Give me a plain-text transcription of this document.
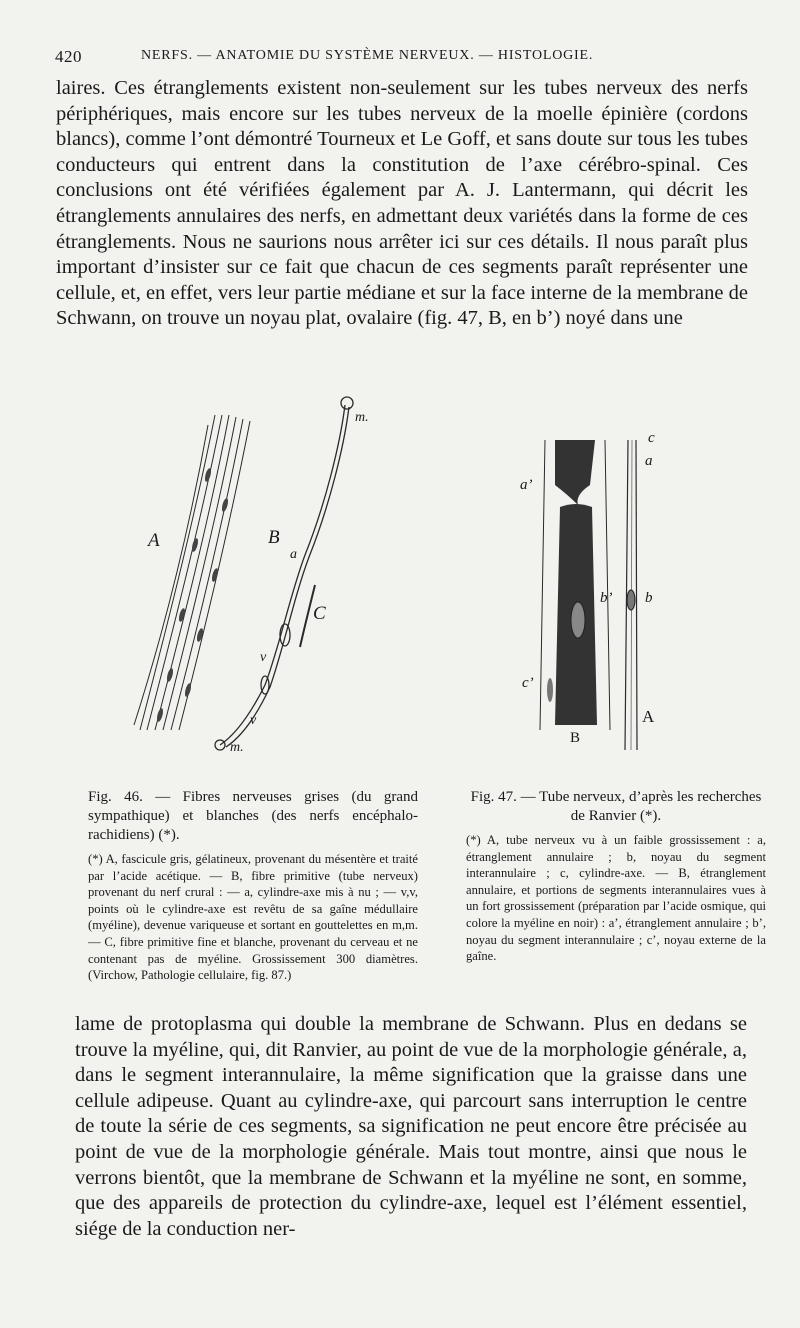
420	NERFS. — ANATOMIE DU SYSTÈME NERVEUX. — HISTOLOGIE.

laires. Ces étranglements existent non-seulement sur les tubes nerveux des nerfs périphériques, mais encore sur les tubes nerveux de la moelle épinière (cordons blancs), comme l’ont démontré Tourneux et Le Goff, et sans doute sur tous les tubes conducteurs qui entrent dans la constitution de l’axe cérébro-spinal. Ces conclusions ont été vérifiées également par A. J. Lantermann, qui décrit les étranglements annulaires des nerfs, en admettant deux variétés dans la forme de ces étranglements. Nous ne saurions nous arrêter ici sur ces détails. Il nous paraît plus important d’insister sur ce fait que chacun de ces segments paraît représenter une cellule, et, en effet, vers leur partie médiane et sur la face interne de la membrane de Schwann, on trouve un noyau plat, ovalaire (fig. 47, B, en b’) noyé dans une

A	B
C
a
m.
m.
v
v
a’
b’
c’
B
c
a
b
A
Fig. 46. — Fibres nerveuses grises (du grand sympathique) et blanches (des nerfs encéphalo-rachidiens) (*).
(*) A, fascicule gris, gélatineux, provenant du mésentère et traité par l’acide acétique. — B, fibre primitive (tube nerveux) provenant du nerf crural : — a, cylindre-axe mis à nu ; — v,v, points où le cylindre-axe est revêtu de sa gaîne médullaire (myéline), devenue variqueuse et sortant en gouttelettes en m,m. — C, fibre primitive fine et blanche, provenant du cerveau et ne contenant pas de myéline. Grossissement 300 diamètres. (Virchow, Pathologie cellulaire, fig. 87.)
Fig. 47. — Tube nerveux, d’après les recherches de Ranvier (*).
(*) A, tube nerveux vu à un faible grossissement : a, étranglement annulaire ; b, noyau du segment interannulaire ; c, cylindre-axe. — B, étranglement annulaire, et portions de segments interannulaires vues à un fort grossissement (préparation par l’acide osmique, qui colore la myéline en noir) : a’, étranglement annulaire ; b’, noyau du segment interannulaire ; c’, noyau externe de la gaîne.

lame de protoplasma qui double la membrane de Schwann. Plus en dedans se trouve la myéline, qui, dit Ranvier, au point de vue de la morphologie générale, a, dans le segment interannulaire, la même signification que la graisse dans une cellule adipeuse. Quant au cylindre-axe, qui parcourt sans interruption le centre de toute la série de ces segments, sa signification ne peut encore être précisée au point de vue de la morphologie générale. Mais tout montre, ainsi que nous le verrons bientôt, que la membrane de Schwann et la myéline ne sont, en somme, que des appareils de protection du cylindre-axe, lequel est l’élément essentiel, siége de la conduction ner-
